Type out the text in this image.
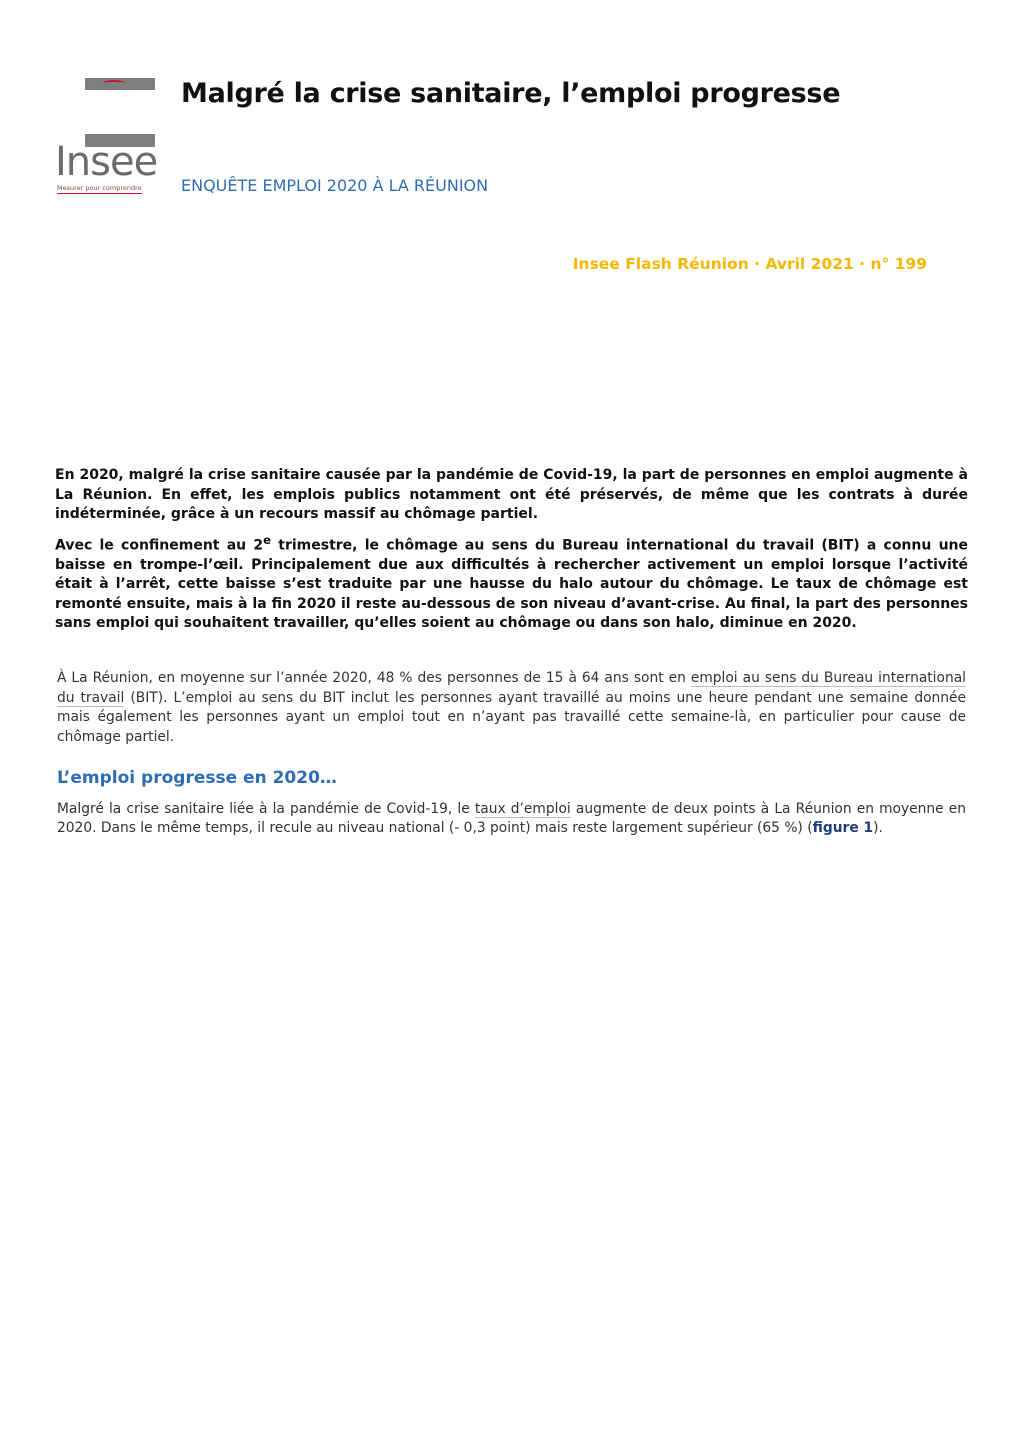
Insee
Mesurer pour comprendre
Malgré la crise sanitaire, l’emploi progresse
ENQUÊTE EMPLOI 2020 À LA RÉUNION
Insee Flash Réunion · Avril 2021 · n° 199

En 2020, malgré la crise sanitaire causée par la pandémie de Covid-19, la part de personnes en emploi augmente à La Réunion. En effet, les emplois publics notamment ont été préservés, de même que les contrats à durée indéterminée, grâce à un recours massif au chômage partiel.

Avec le confinement au 2e trimestre, le chômage au sens du Bureau international du travail (BIT) a connu une baisse en trompe-l’œil. Principalement due aux difficultés à rechercher activement un emploi lorsque l’activité était à l’arrêt, cette baisse s’est traduite par une hausse du halo autour du chômage. Le taux de chômage est remonté ensuite, mais à la fin 2020 il reste au-dessous de son niveau d’avant-crise. Au final, la part des personnes sans emploi qui souhaitent travailler, qu’elles soient au chômage ou dans son halo, diminue en 2020.

À La Réunion, en moyenne sur l’année 2020, 48 % des personnes de 15 à 64 ans sont en emploi au sens du Bureau international du travail (BIT). L’emploi au sens du BIT inclut les personnes ayant travaillé au moins une heure pendant une semaine donnée mais également les personnes ayant un emploi tout en n’ayant pas travaillé cette semaine-là, en particulier pour cause de chômage partiel.

L’emploi progresse en 2020…

Malgré la crise sanitaire liée à la pandémie de Covid-19, le taux d’emploi augmente de deux points à La Réunion en moyenne en 2020. Dans le même temps, il recule au niveau national (- 0,3 point) mais reste largement supérieur (65 %) (figure 1).
